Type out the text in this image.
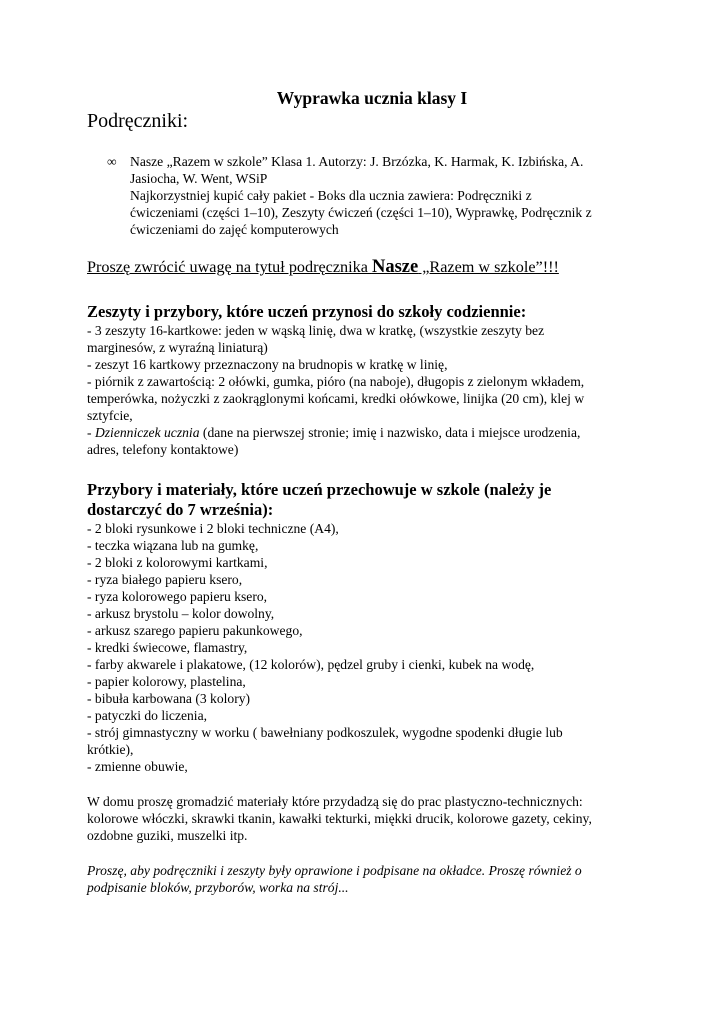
Wyprawka ucznia klasy I

Podręczniki:

∞ Nasze „Razem w szkole” Klasa 1. Autorzy: J. Brzózka, K. Harmak, K. Izbińska, A.

Jasiocha, W. Went, WSiP

Najkorzystniej kupić cały pakiet - Boks dla ucznia zawiera: Podręczniki z

ćwiczeniami (części 1–10), Zeszyty ćwiczeń (części 1–10), Wyprawkę, Podręcznik z

ćwiczeniami do zajęć komputerowych

Proszę zwrócić uwagę na tytuł podręcznika Nasze „Razem w szkole”!!!

Zeszyty i przybory, które uczeń przynosi do szkoły codziennie:
- 3 zeszyty 16-kartkowe: jeden w wąską linię, dwa w kratkę, (wszystkie zeszyty bez
marginesów, z wyraźną liniaturą)
- zeszyt 16 kartkowy przeznaczony na brudnopis w kratkę w linię,
- piórnik z zawartością: 2 ołówki, gumka, pióro (na naboje), długopis z zielonym wkładem,
temperówka, nożyczki z zaokrąglonymi końcami, kredki ołówkowe, linijka (20 cm), klej w
sztyfcie,
- Dzienniczek ucznia (dane na pierwszej stronie; imię i nazwisko, data i miejsce urodzenia,
adres, telefony kontaktowe)
Przybory i materiały, które uczeń przechowuje w szkole (należy je
dostarczyć do 7 września):
- 2 bloki rysunkowe i 2 bloki techniczne (A4),
- teczka wiązana lub na gumkę,
- 2 bloki z kolorowymi kartkami,
- ryza białego papieru ksero,
- ryza kolorowego papieru ksero,
- arkusz brystolu – kolor dowolny,
- arkusz szarego papieru pakunkowego,
- kredki świecowe, flamastry,
- farby akwarele i plakatowe, (12 kolorów), pędzel gruby i cienki, kubek na wodę,
- papier kolorowy, plastelina,
- bibuła karbowana (3 kolory)
- patyczki do liczenia,
- strój gimnastyczny w worku ( bawełniany podkoszulek, wygodne spodenki długie lub
krótkie),
- zmienne obuwie,
W domu proszę gromadzić materiały które przydadzą się do prac plastyczno-technicznych:
kolorowe włóczki, skrawki tkanin, kawałki tekturki, miękki drucik, kolorowe gazety, cekiny,
ozdobne guziki, muszelki itp.
Proszę, aby podręczniki i zeszyty były oprawione i podpisane na okładce. Proszę również o
podpisanie bloków, przyborów, worka na strój...
